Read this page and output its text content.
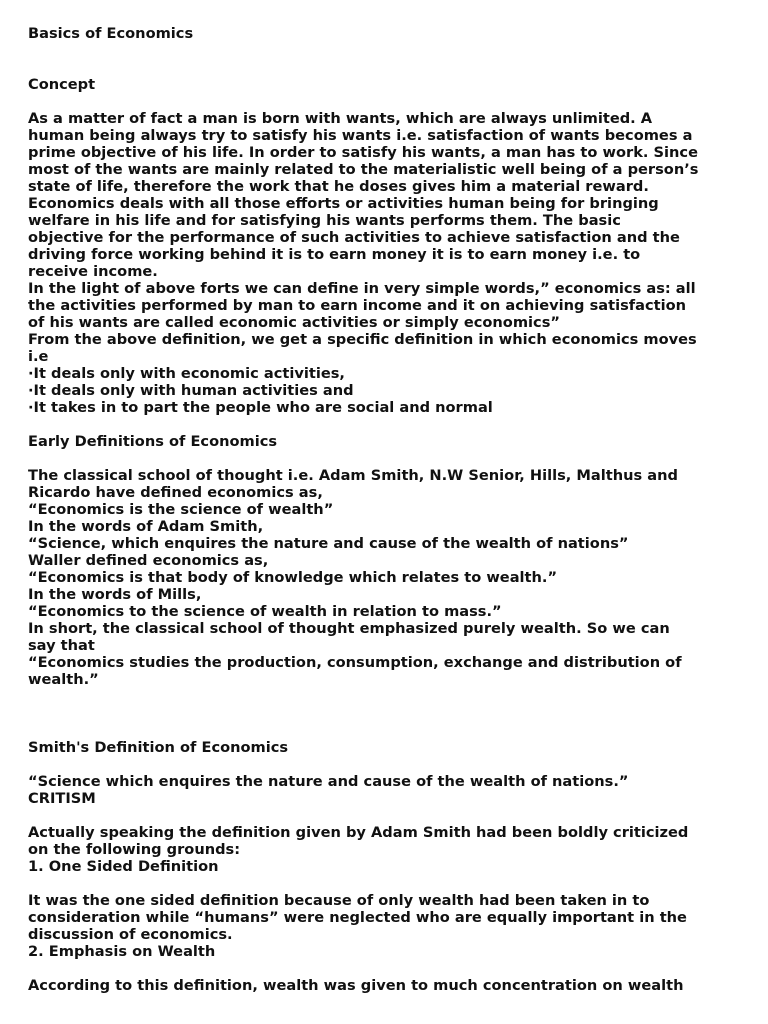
Basics of Economics
Concept
As a matter of fact a man is born with wants, which are always unlimited. A
human being always try to satisfy his wants i.e. satisfaction of wants becomes a
prime objective of his life. In order to satisfy his wants, a man has to work. Since
most of the wants are mainly related to the materialistic well being of a person’s
state of life, therefore the work that he doses gives him a material reward.
Economics deals with all those efforts or activities human being for bringing
welfare in his life and for satisfying his wants performs them. The basic
objective for the performance of such activities to achieve satisfaction and the
driving force working behind it is to earn money it is to earn money i.e. to
receive income.
In the light of above forts we can define in very simple words,” economics as: all
the activities performed by man to earn income and it on achieving satisfaction
of his wants are called economic activities or simply economics”
From the above definition, we get a specific definition in which economics moves
i.e
·It deals only with economic activities,
·It deals only with human activities and
·It takes in to part the people who are social and normal
Early Definitions of Economics
The classical school of thought i.e. Adam Smith, N.W Senior, Hills, Malthus and
Ricardo have defined economics as,
“Economics is the science of wealth”
In the words of Adam Smith,
“Science, which enquires the nature and cause of the wealth of nations”
Waller defined economics as,
“Economics is that body of knowledge which relates to wealth.”
In the words of Mills,
“Economics to the science of wealth in relation to mass.”
In short, the classical school of thought emphasized purely wealth. So we can
say that
“Economics studies the production, consumption, exchange and distribution of
wealth.”
Smith's Definition of Economics
“Science which enquires the nature and cause of the wealth of nations.”
CRITISM
Actually speaking the definition given by Adam Smith had been boldly criticized
on the following grounds:
1. One Sided Definition
It was the one sided definition because of only wealth had been taken in to
consideration while “humans” were neglected who are equally important in the
discussion of economics.
2. Emphasis on Wealth
According to this definition, wealth was given to much concentration on wealth
